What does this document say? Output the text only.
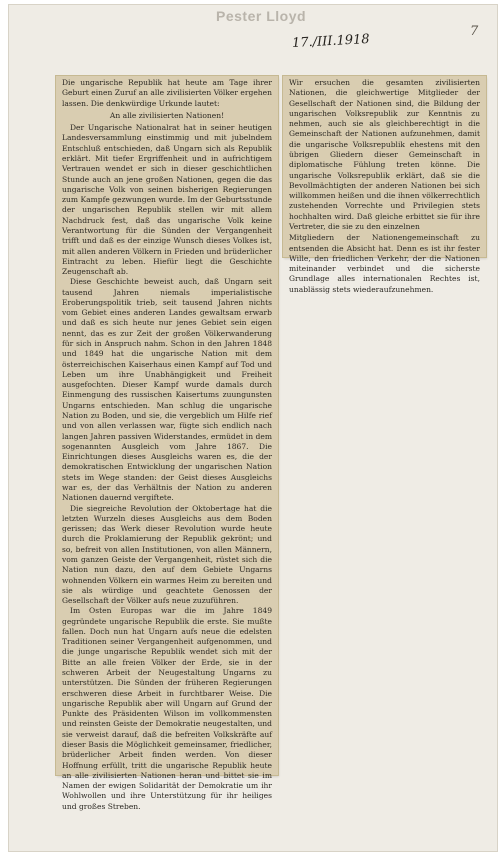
Pester Lloyd
17./III.1918
7

Die ungarische Republik hat heute am Tage ihrer Geburt einen Zuruf an alle zivilisierten Völker ergehen lassen. Die denkwürdige Urkunde lautet:

An alle zivilisierten Nationen!

Der Ungarische Nationalrat hat in seiner heutigen Landesversammlung einstimmig und mit jubelndem Entschluß entschieden, daß Ungarn sich als Republik erklärt. Mit tiefer Ergriffenheit und in aufrichtigem Vertrauen wendet er sich in dieser geschichtlichen Stunde auch an jene großen Nationen, gegen die das ungarische Volk von seinen bisherigen Regierungen zum Kampfe gezwungen wurde. Im der Geburtsstunde der ungarischen Republik stellen wir mit allem Nachdruck fest, daß das ungarische Volk keine Verantwortung für die Sünden der Vergangenheit trifft und daß es der einzige Wunsch dieses Volkes ist, mit allen anderen Völkern in Frieden und brüderlicher Eintracht zu leben. Hiefür liegt die Geschichte Zeugenschaft ab.

Diese Geschichte beweist auch, daß Ungarn seit tausend Jahren niemals imperialistische Eroberungspolitik trieb, seit tausend Jahren nichts vom Gebiet eines anderen Landes gewaltsam erwarb und daß es sich heute nur jenes Gebiet sein eigen nennt, das es zur Zeit der großen Völkerwanderung für sich in Anspruch nahm. Schon in den Jahren 1848 und 1849 hat die ungarische Nation mit dem österreichischen Kaiserhaus einen Kampf auf Tod und Leben um ihre Unabhängigkeit und Freiheit ausgefochten. Dieser Kampf wurde damals durch Einmengung des russischen Kaisertums zuungunsten Ungarns entschieden. Man schlug die ungarische Nation zu Boden, und sie, die vergeblich um Hilfe rief und von allen verlassen war, fügte sich endlich nach langen Jahren passiven Widerstandes, ermüdet in dem sogenannten Ausgleich vom Jahre 1867. Die Einrichtungen dieses Ausgleichs waren es, die der demokratischen Entwicklung der ungarischen Nation stets im Wege standen: der Geist dieses Ausgleichs war es, der das Verhältnis der Nation zu anderen Nationen dauernd vergiftete.

Die siegreiche Revolution der Oktobertage hat die letzten Wurzeln dieses Ausgleichs aus dem Boden gerissen; das Werk dieser Revolution wurde heute durch die Proklamierung der Republik gekrönt; und so, befreit von allen Institutionen, von allen Männern, vom ganzen Geiste der Vergangenheit, rüstet sich die Nation nun dazu, den auf dem Gebiete Ungarns wohnenden Völkern ein warmes Heim zu bereiten und sie als würdige und geachtete Genossen der Gesellschaft der Völker aufs neue zuzuführen.

Im Osten Europas war die im Jahre 1849 gegründete ungarische Republik die erste. Sie mußte fallen. Doch nun hat Ungarn aufs neue die edelsten Traditionen seiner Vergangenheit aufgenommen, und die junge ungarische Republik wendet sich mit der Bitte an alle freien Völker der Erde, sie in der schweren Arbeit der Neugestaltung Ungarns zu unterstützen. Die Sünden der früheren Regierungen erschweren diese Arbeit in furchtbarer Weise. Die ungarische Republik aber will Ungarn auf Grund der Punkte des Präsidenten Wilson im vollkommensten und reinsten Geiste der Demokratie neugestalten, und sie verweist darauf, daß die befreiten Volkskräfte auf dieser Basis die Möglichkeit gemeinsamer, friedlicher, brüderlicher Arbeit finden werden. Von dieser Hoffnung erfüllt, tritt die ungarische Republik heute an alle zivilisierten Nationen heran und bittet sie im Namen der ewigen Solidarität der Demokratie um ihr Wohlwollen und ihre Unterstützung für ihr heiliges und großes Streben.

Wir ersuchen die gesamten zivilisierten Nationen, die gleichwertige Mitglieder der Gesellschaft der Nationen sind, die Bildung der ungarischen Volksrepublik zur Kenntnis zu nehmen, auch sie als gleichberechtigt in die Gemeinschaft der Nationen aufzunehmen, damit die ungarische Volksrepublik ehestens mit den übrigen Gliedern dieser Gemeinschaft in diplomatische Fühlung treten könne. Die ungarische Volksrepublik erklärt, daß sie die Bevollmächtigten der anderen Nationen bei sich willkommen heißen und die ihnen völkerrechtlich zustehenden Vorrechte und Privilegien stets hochhalten wird. Daß gleiche erbittet sie für ihre Vertreter, die sie zu den einzelnen

Mitgliedern der Nationengemeinschaft zu entsenden die Absicht hat. Denn es ist ihr fester Wille, den friedlichen Verkehr, der die Nationen miteinander verbindet und die sicherste Grundlage alles internationalen Rechtes ist, unablässig stets wiederaufzunehmen.
